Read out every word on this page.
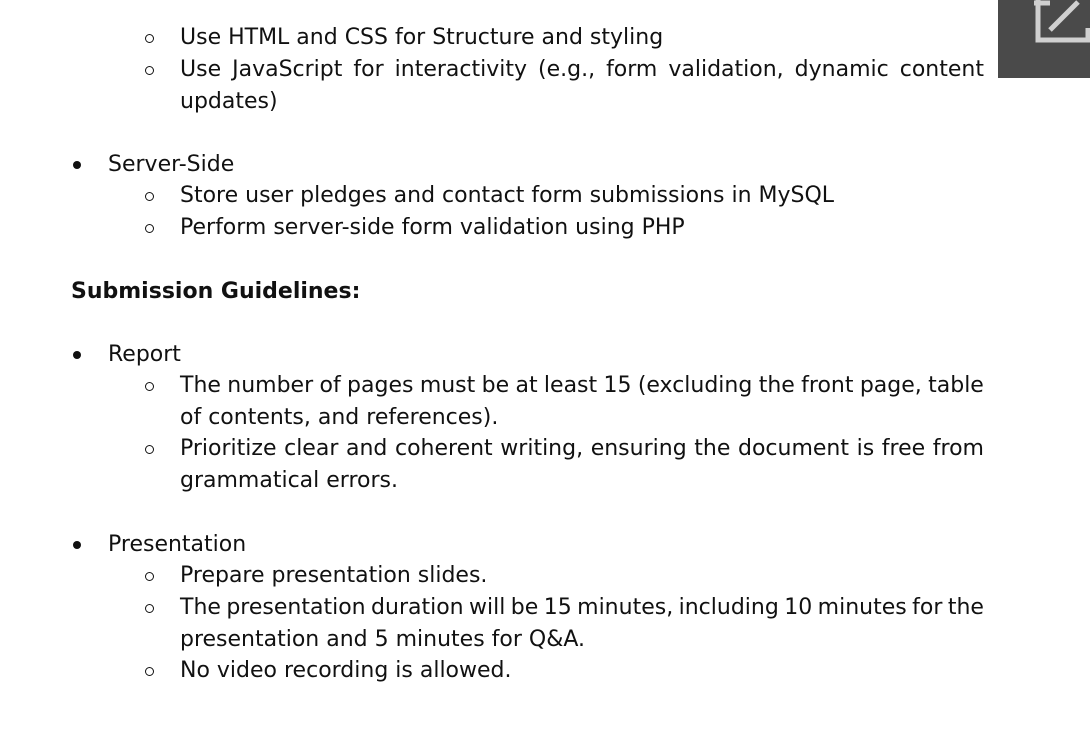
Use HTML and CSS for Structure and styling
Use JavaScript for interactivity (e.g., form validation, dynamic content
updates)
Server-Side
Store user pledges and contact form submissions in MySQL
Perform server-side form validation using PHP
Submission Guidelines:
Report
The number of pages must be at least 15 (excluding the front page, table
of contents, and references).
Prioritize clear and coherent writing, ensuring the document is free from
grammatical errors.
Presentation
Prepare presentation slides.
The presentation duration will be 15 minutes, including 10 minutes for the
presentation and 5 minutes for Q&A.
No video recording is allowed.
